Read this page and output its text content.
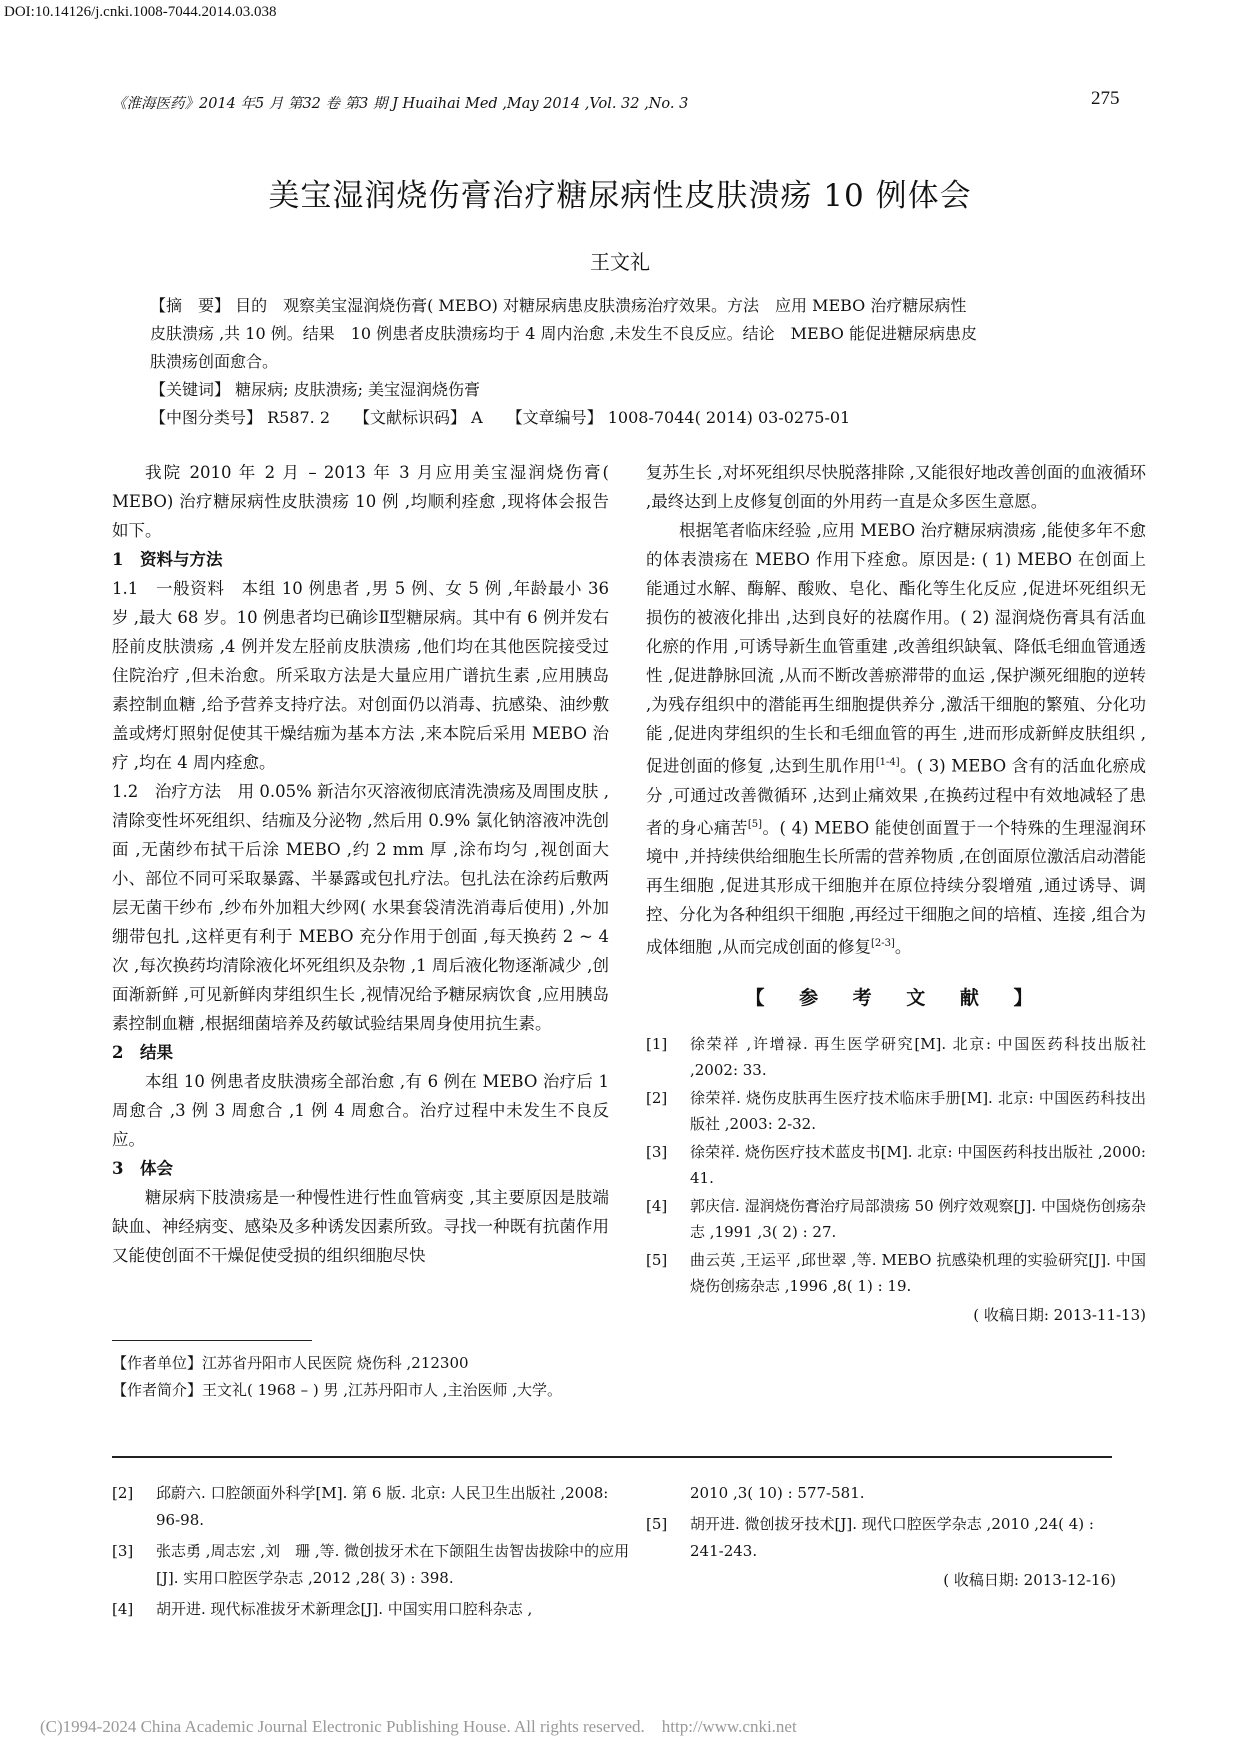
DOI:10.14126/j.cnki.1008-7044.2014.03.038
《淮海医药》2014 年5 月 第32 卷 第3 期 J Huaihai Med ,May 2014 ,Vol. 32 ,No. 3	275
美宝湿润烧伤膏治疗糖尿病性皮肤溃疡 10 例体会
王文礼

【摘　要】 目的　观察美宝湿润烧伤膏( MEBO) 对糖尿病患皮肤溃疡治疗效果。方法　应用 MEBO 治疗糖尿病性

皮肤溃疡 ,共 10 例。结果　10 例患者皮肤溃疡均于 4 周内治愈 ,未发生不良反应。结论　MEBO 能促进糖尿病患皮

肤溃疡创面愈合。

【关键词】 糖尿病; 皮肤溃疡; 美宝湿润烧伤膏

【中图分类号】 R587. 2　　【文献标识码】 A　　【文章编号】 1008-7044( 2014) 03-0275-01

我院 2010 年 2 月 – 2013 年 3 月应用美宝湿润烧伤膏( MEBO) 治疗糖尿病性皮肤溃疡 10 例 ,均顺利痊愈 ,现将体会报告如下。

1　资料与方法

1.1　一般资料　本组 10 例患者 ,男 5 例、女 5 例 ,年龄最小 36 岁 ,最大 68 岁。10 例患者均已确诊Ⅱ型糖尿病。其中有 6 例并发右胫前皮肤溃疡 ,4 例并发左胫前皮肤溃疡 ,他们均在其他医院接受过住院治疗 ,但未治愈。所采取方法是大量应用广谱抗生素 ,应用胰岛素控制血糖 ,给予营养支持疗法。对创面仍以消毒、抗感染、油纱敷盖或烤灯照射促使其干燥结痂为基本方法 ,来本院后采用 MEBO 治疗 ,均在 4 周内痊愈。

1.2　治疗方法　用 0.05% 新洁尔灭溶液彻底清洗溃疡及周围皮肤 ,清除变性坏死组织、结痂及分泌物 ,然后用 0.9% 氯化钠溶液冲洗创面 ,无菌纱布拭干后涂 MEBO ,约 2 mm 厚 ,涂布均匀 ,视创面大小、部位不同可采取暴露、半暴露或包扎疗法。包扎法在涂药后敷两层无菌干纱布 ,纱布外加粗大纱网( 水果套袋清洗消毒后使用) ,外加绷带包扎 ,这样更有利于 MEBO 充分作用于创面 ,每天换药 2 ~ 4 次 ,每次换药均清除液化坏死组织及杂物 ,1 周后液化物逐渐减少 ,创面渐新鲜 ,可见新鲜肉芽组织生长 ,视情况给予糖尿病饮食 ,应用胰岛素控制血糖 ,根据细菌培养及药敏试验结果周身使用抗生素。

2　结果

本组 10 例患者皮肤溃疡全部治愈 ,有 6 例在 MEBO 治疗后 1 周愈合 ,3 例 3 周愈合 ,1 例 4 周愈合。治疗过程中未发生不良反应。

3　体会

糖尿病下肢溃疡是一种慢性进行性血管病变 ,其主要原因是肢端缺血、神经病变、感染及多种诱发因素所致。寻找一种既有抗菌作用又能使创面不干燥促使受损的组织细胞尽快

复苏生长 ,对坏死组织尽快脱落排除 ,又能很好地改善创面的血液循环 ,最终达到上皮修复创面的外用药一直是众多医生意愿。

根据笔者临床经验 ,应用 MEBO 治疗糖尿病溃疡 ,能使多年不愈的体表溃疡在 MEBO 作用下痊愈。原因是: ( 1) MEBO 在创面上能通过水解、酶解、酸败、皂化、酯化等生化反应 ,促进坏死组织无损伤的被液化排出 ,达到良好的祛腐作用。( 2) 湿润烧伤膏具有活血化瘀的作用 ,可诱导新生血管重建 ,改善组织缺氧、降低毛细血管通透性 ,促进静脉回流 ,从而不断改善瘀滞带的血运 ,保护濒死细胞的逆转 ,为残存组织中的潜能再生细胞提供养分 ,激活干细胞的繁殖、分化功能 ,促进肉芽组织的生长和毛细血管的再生 ,进而形成新鲜皮肤组织 ,促进创面的修复 ,达到生肌作用[1-4]。( 3) MEBO 含有的活血化瘀成分 ,可通过改善微循环 ,达到止痛效果 ,在换药过程中有效地减轻了患者的身心痛苦[5]。( 4) MEBO 能使创面置于一个特殊的生理湿润环境中 ,并持续供给细胞生长所需的营养物质 ,在创面原位激活启动潜能再生细胞 ,促进其形成干细胞并在原位持续分裂增殖 ,通过诱导、调控、分化为各种组织干细胞 ,再经过干细胞之间的培植、连接 ,组合为成体细胞 ,从而完成创面的修复[2-3]。

【 参 考 文 献 】
[1]	徐荣祥 ,许增禄. 再生医学研究[M]. 北京: 中国医药科技出版社 ,2002: 33.
[2]	徐荣祥. 烧伤皮肤再生医疗技术临床手册[M]. 北京: 中国医药科技出版社 ,2003: 2-32.
[3]	徐荣祥. 烧伤医疗技术蓝皮书[M]. 北京: 中国医药科技出版社 ,2000: 41.
[4]	郭庆信. 湿润烧伤膏治疗局部溃疡 50 例疗效观察[J]. 中国烧伤创疡杂志 ,1991 ,3( 2) : 27.
[5]	曲云英 ,王运平 ,邱世翠 ,等. MEBO 抗感染机理的实验研究[J]. 中国烧伤创疡杂志 ,1996 ,8( 1) : 19.
( 收稿日期: 2013-11-13)

【作者单位】江苏省丹阳市人民医院 烧伤科 ,212300

【作者简介】王文礼( 1968 – ) 男 ,江苏丹阳市人 ,主治医师 ,大学。

[2]	邱蔚六. 口腔颌面外科学[M]. 第 6 版. 北京: 人民卫生出版社 ,2008: 96-98.
[3]	张志勇 ,周志宏 ,刘　珊 ,等. 微创拔牙术在下颌阻生齿智齿拔除中的应用[J]. 实用口腔医学杂志 ,2012 ,28( 3) : 398.
[4]	胡开进. 现代标准拔牙术新理念[J]. 中国实用口腔科杂志 ,
2010 ,3( 10) : 577-581.
[5]	胡开进. 微创拔牙技术[J]. 现代口腔医学杂志 ,2010 ,24( 4) : 241-243.
( 收稿日期: 2013-12-16)
(C)1994-2024 China Academic Journal Electronic Publishing House. All rights reserved.　http://www.cnki.net
